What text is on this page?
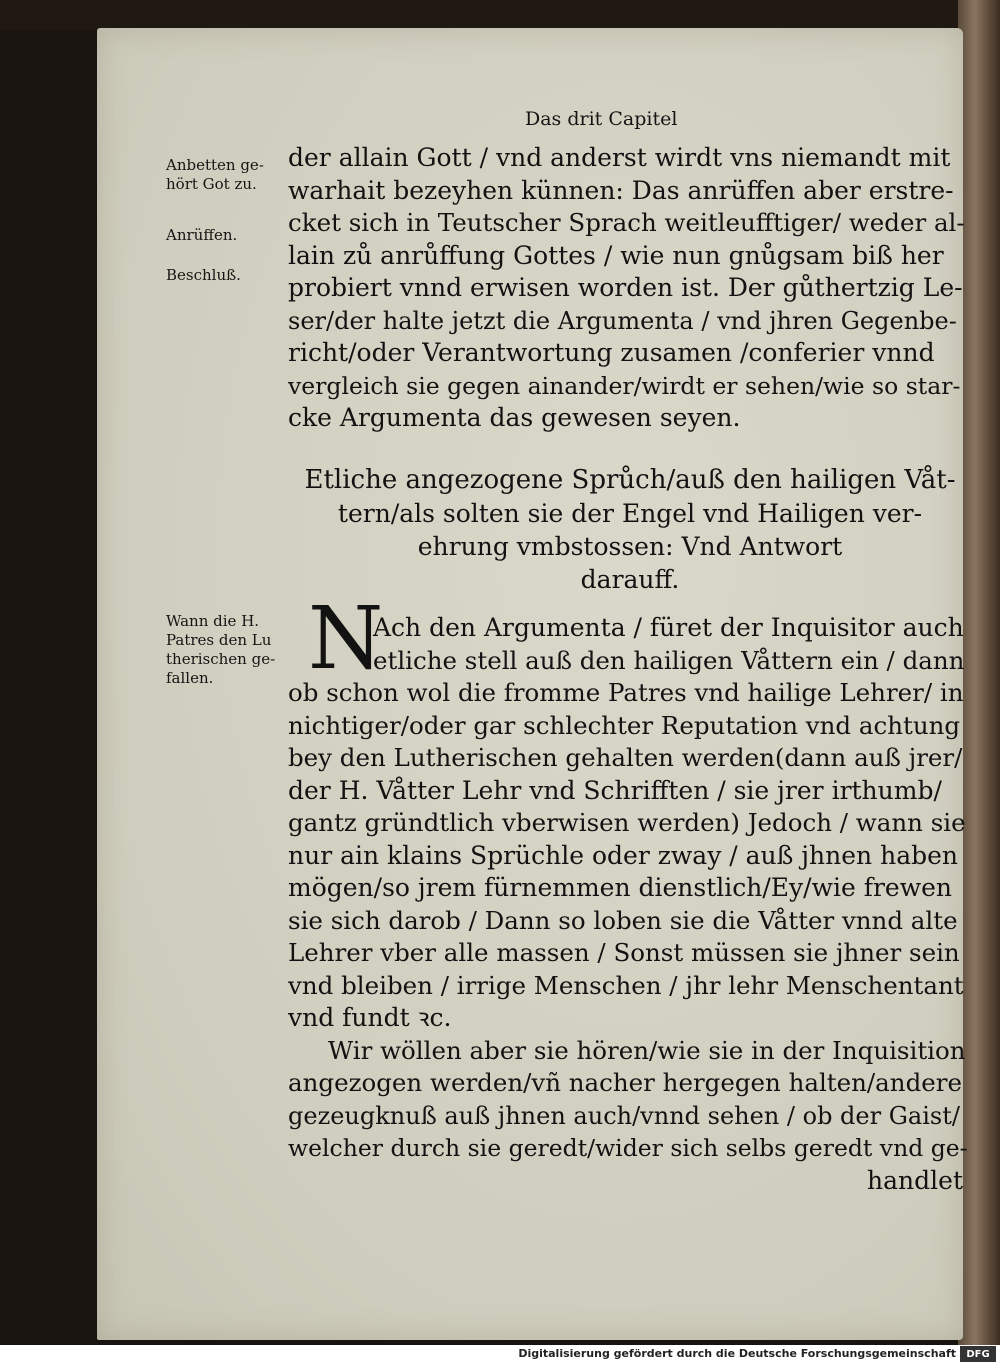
Das drit Capitel
Anbetten ge-
hört Got zu.
Anrüffen.
Beschluß.
Wann die H.
Patres den Lu
therischen ge-
fallen.
der allain Gott / vnd anderst wirdt vns niemandt mit
warhait bezeyhen künnen: Das anrüffen aber erstre-
cket sich in Teutscher Sprach weitleufftiger/ weder al-
lain zů anrůffung Gottes / wie nun gnůgsam biß her
probiert vnnd erwisen worden ist. Der gůthertzig Le-
ser/der halte jetzt die Argumenta / vnd jhren Gegenbe-
richt/oder Verantwortung zusamen /conferier vnnd
vergleich sie gegen ainander/wirdt er sehen/wie so star-
cke Argumenta das gewesen seyen.
Etliche angezogene Sprůch/auß den hailigen Våt-
tern/als solten sie der Engel vnd Hailigen ver-
ehrung vmbstossen: Vnd Antwort
darauff.
N
Ach den Argumenta / füret der Inquisitor auch
etliche stell auß den hailigen Våttern ein / dann
ob schon wol die fromme Patres vnd hailige Lehrer/ in
nichtiger/oder gar schlechter Reputation vnd achtung
bey den Lutherischen gehalten werden(dann auß jrer/
der H. Våtter Lehr vnd Schrifften / sie jrer irthumb/
gantz gründtlich vberwisen werden) Jedoch / wann sie
nur ain klains Sprüchle oder zway / auß jhnen haben
mögen/so jrem fürnemmen dienstlich/Ey/wie frewen
sie sich darob / Dann so loben sie die Våtter vnnd alte
Lehrer vber alle massen / Sonst müssen sie jhner sein
vnd bleiben / irrige Menschen / jhr lehr Menschentant
vnd fundt ꝛc.
Wir wöllen aber sie hören/wie sie in der Inquisition
angezogen werden/vñ nacher hergegen halten/andere
gezeugknuß auß jhnen auch/vnnd sehen / ob der Gaist/
welcher durch sie geredt/wider sich selbs geredt vnd ge-
handlet
Digitalisierung gefördert durch die Deutsche Forschungsgemeinschaft	DFG
